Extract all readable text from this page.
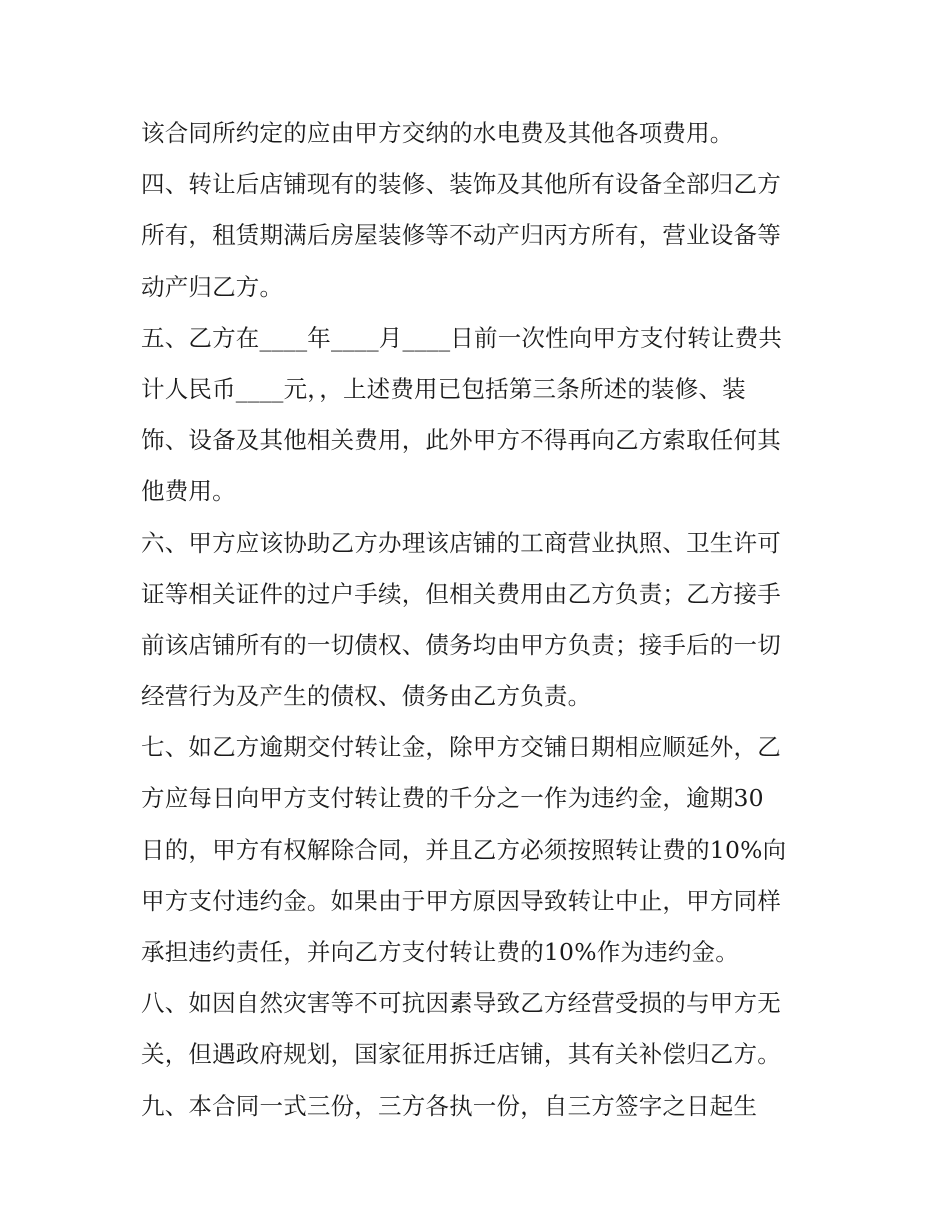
该合同所约定的应由甲方交纳的水电费及其他各项费用。
四、转让后店铺现有的装修、装饰及其他所有设备全部归乙方
所有，租赁期满后房屋装修等不动产归丙方所有，营业设备等
动产归乙方。
五、乙方在____年____月____日前一次性向甲方支付转让费共
计人民币____元，，上述费用已包括第三条所述的装修、装
饰、设备及其他相关费用，此外甲方不得再向乙方索取任何其
他费用。
六、甲方应该协助乙方办理该店铺的工商营业执照、卫生许可
证等相关证件的过户手续，但相关费用由乙方负责；乙方接手
前该店铺所有的一切债权、债务均由甲方负责；接手后的一切
经营行为及产生的债权、债务由乙方负责。
七、如乙方逾期交付转让金，除甲方交铺日期相应顺延外，乙
方应每日向甲方支付转让费的千分之一作为违约金，逾期30
日的，甲方有权解除合同，并且乙方必须按照转让费的10%向
甲方支付违约金。如果由于甲方原因导致转让中止，甲方同样
承担违约责任，并向乙方支付转让费的10%作为违约金。
八、如因自然灾害等不可抗因素导致乙方经营受损的与甲方无
关，但遇政府规划，国家征用拆迁店铺，其有关补偿归乙方。
九、本合同一式三份，三方各执一份，自三方签字之日起生
